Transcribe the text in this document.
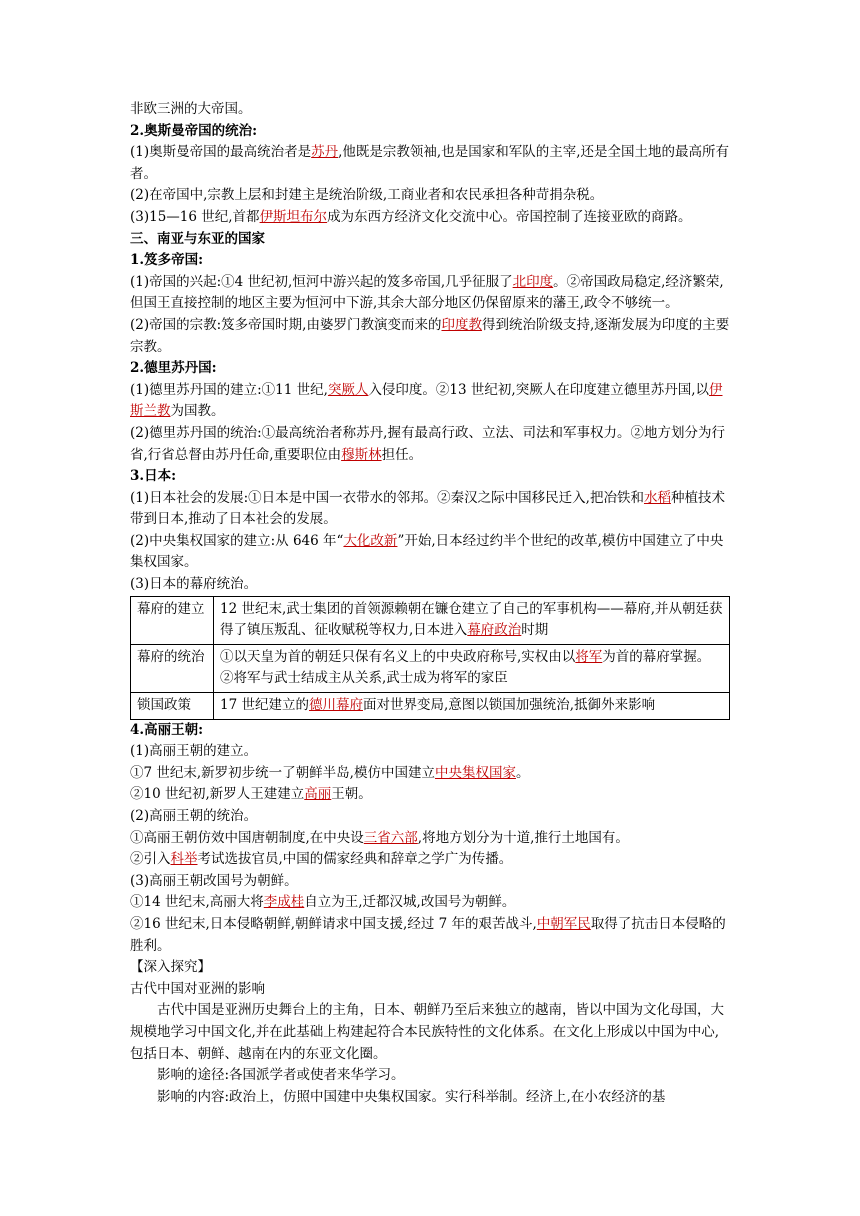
非欧三洲的大帝国。
2.奥斯曼帝国的统治:
(1)奥斯曼帝国的最高统治者是苏丹,他既是宗教领袖,也是国家和军队的主宰,还是全国土地的最高所有者。
(2)在帝国中,宗教上层和封建主是统治阶级,工商业者和农民承担各种苛捐杂税。
(3)15—16 世纪,首都伊斯坦布尔成为东西方经济文化交流中心。帝国控制了连接亚欧的商路。
三、南亚与东亚的国家
1.笈多帝国:
(1)帝国的兴起:①4 世纪初,恒河中游兴起的笈多帝国,几乎征服了北印度。②帝国政局稳定,经济繁荣,但国王直接控制的地区主要为恒河中下游,其余大部分地区仍保留原来的藩王,政令不够统一。
(2)帝国的宗教:笈多帝国时期,由婆罗门教演变而来的印度教得到统治阶级支持,逐渐发展为印度的主要宗教。
2.德里苏丹国:
(1)德里苏丹国的建立:①11 世纪,突厥人入侵印度。②13 世纪初,突厥人在印度建立德里苏丹国,以伊斯兰教为国教。
(2)德里苏丹国的统治:①最高统治者称苏丹,握有最高行政、立法、司法和军事权力。②地方划分为行省,行省总督由苏丹任命,重要职位由穆斯林担任。
3.日本:
(1)日本社会的发展:①日本是中国一衣带水的邻邦。②秦汉之际中国移民迁入,把冶铁和水稻种植技术带到日本,推动了日本社会的发展。
(2)中央集权国家的建立:从 646 年“大化改新”开始,日本经过约半个世纪的改革,模仿中国建立了中央集权国家。
(3)日本的幕府统治。
幕府的建立	12 世纪末,武士集团的首领源赖朝在镰仓建立了自己的军事机构——幕府,并从朝廷获得了镇压叛乱、征收赋税等权力,日本进入幕府政治时期
幕府的统治	①以天皇为首的朝廷只保有名义上的中央政府称号,实权由以将军为首的幕府掌握。②将军与武士结成主从关系,武士成为将军的家臣
锁国政策	17 世纪建立的德川幕府面对世界变局,意图以锁国加强统治,抵御外来影响
4.高丽王朝:
(1)高丽王朝的建立。
①7 世纪末,新罗初步统一了朝鲜半岛,模仿中国建立中央集权国家。
②10 世纪初,新罗人王建建立高丽王朝。
(2)高丽王朝的统治。
①高丽王朝仿效中国唐朝制度,在中央设三省六部,将地方划分为十道,推行土地国有。
②引入科举考试选拔官员,中国的儒家经典和辞章之学广为传播。
(3)高丽王朝改国号为朝鲜。
①14 世纪末,高丽大将李成桂自立为王,迁都汉城,改国号为朝鲜。
②16 世纪末,日本侵略朝鲜,朝鲜请求中国支援,经过 7 年的艰苦战斗,中朝军民取得了抗击日本侵略的胜利。
【深入探究】
古代中国对亚洲的影响
古代中国是亚洲历史舞台上的主角，日本、朝鲜乃至后来独立的越南，皆以中国为文化母国，大规模地学习中国文化,并在此基础上构建起符合本民族特性的文化体系。在文化上形成以中国为中心,包括日本、朝鲜、越南在内的东亚文化圈。
影响的途径:各国派学者或使者来华学习。
影响的内容:政治上，仿照中国建中央集权国家。实行科举制。经济上,在小农经济的基
